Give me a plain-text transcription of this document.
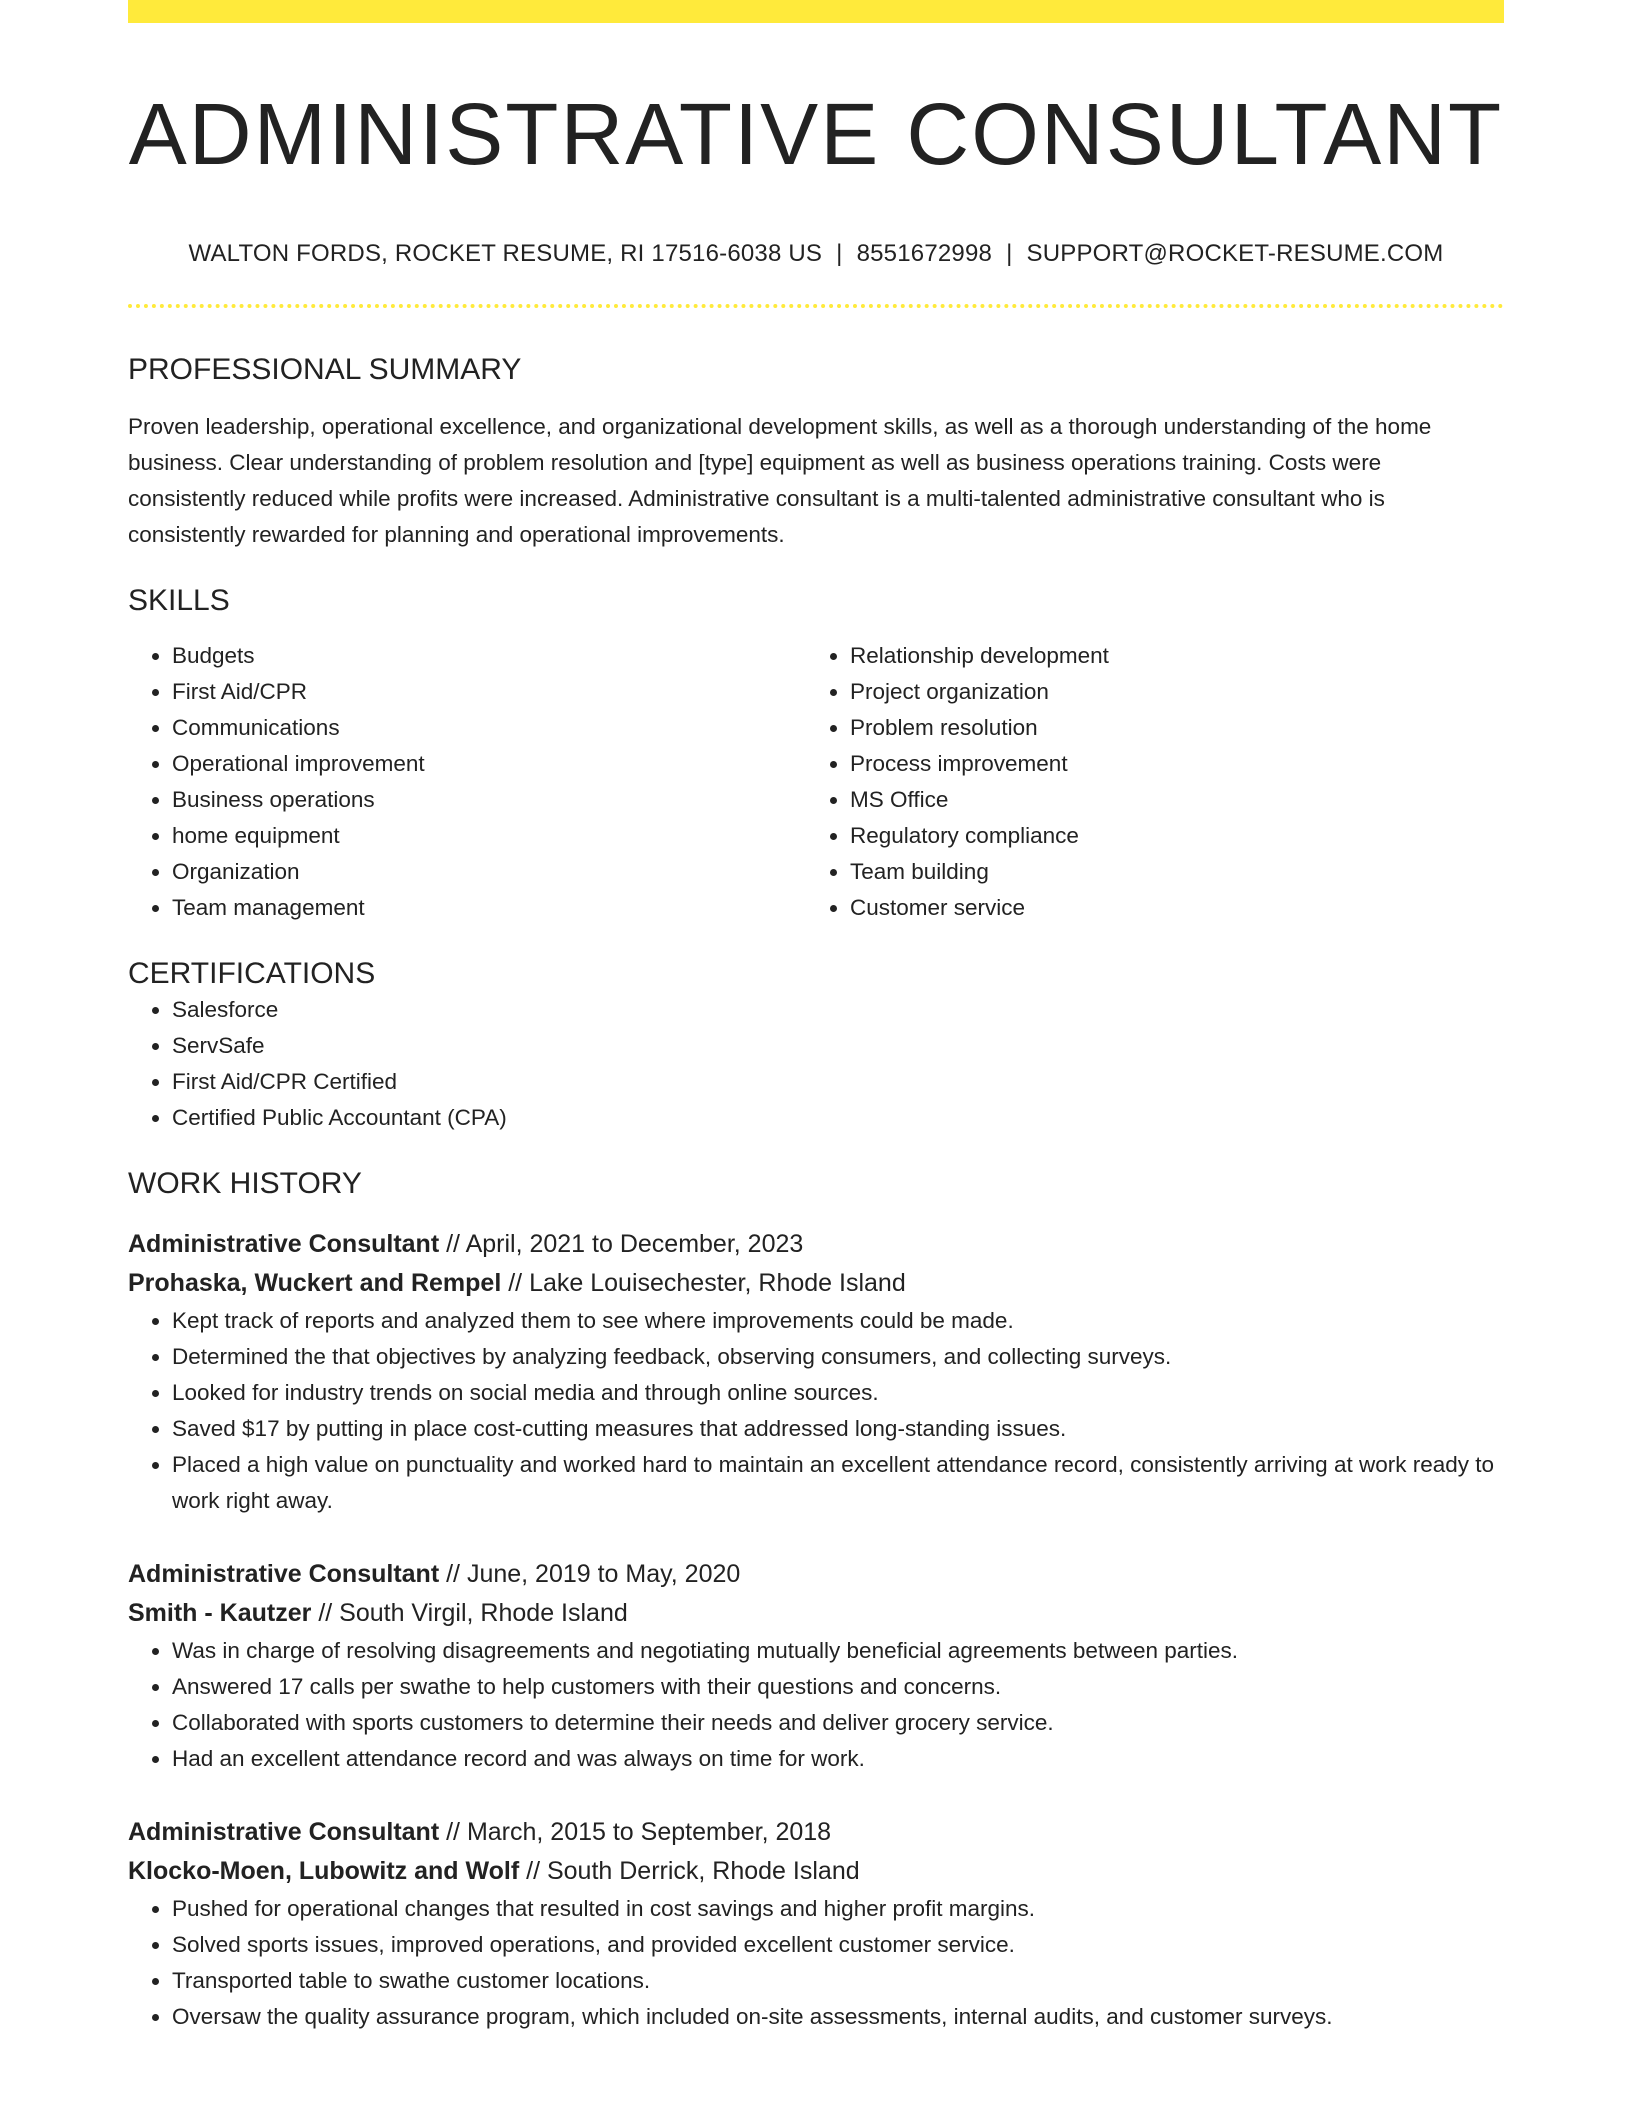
ADMINISTRATIVE CONSULTANT
WALTON FORDS, ROCKET RESUME, RI 17516-6038 US | 8551672998 | SUPPORT@ROCKET-RESUME.COM
PROFESSIONAL SUMMARY

Proven leadership, operational excellence, and organizational development skills, as well as a thorough understanding of the home business. Clear understanding of problem resolution and [type] equipment as well as business operations training. Costs were consistently reduced while profits were increased. Administrative consultant is a multi-talented administrative consultant who is consistently rewarded for planning and operational improvements.

SKILLS
• Budgets
• First Aid/CPR
• Communications
• Operational improvement
• Business operations
• home equipment
• Organization
• Team management
• Relationship development
• Project organization
• Problem resolution
• Process improvement
• MS Office
• Regulatory compliance
• Team building
• Customer service
CERTIFICATIONS
• Salesforce
• ServSafe
• First Aid/CPR Certified
• Certified Public Accountant (CPA)
WORK HISTORY
Administrative Consultant // April, 2021 to December, 2023
Prohaska, Wuckert and Rempel // Lake Louisechester, Rhode Island
• Kept track of reports and analyzed them to see where improvements could be made.
• Determined the that objectives by analyzing feedback, observing consumers, and collecting surveys.
• Looked for industry trends on social media and through online sources.
• Saved $17 by putting in place cost-cutting measures that addressed long-standing issues.
• Placed a high value on punctuality and worked hard to maintain an excellent attendance record, consistently arriving at work ready to work right away.
Administrative Consultant // June, 2019 to May, 2020
Smith - Kautzer // South Virgil, Rhode Island
• Was in charge of resolving disagreements and negotiating mutually beneficial agreements between parties.
• Answered 17 calls per swathe to help customers with their questions and concerns.
• Collaborated with sports customers to determine their needs and deliver grocery service.
• Had an excellent attendance record and was always on time for work.
Administrative Consultant // March, 2015 to September, 2018
Klocko-Moen, Lubowitz and Wolf // South Derrick, Rhode Island
• Pushed for operational changes that resulted in cost savings and higher profit margins.
• Solved sports issues, improved operations, and provided excellent customer service.
• Transported table to swathe customer locations.
• Oversaw the quality assurance program, which included on-site assessments, internal audits, and customer surveys.
